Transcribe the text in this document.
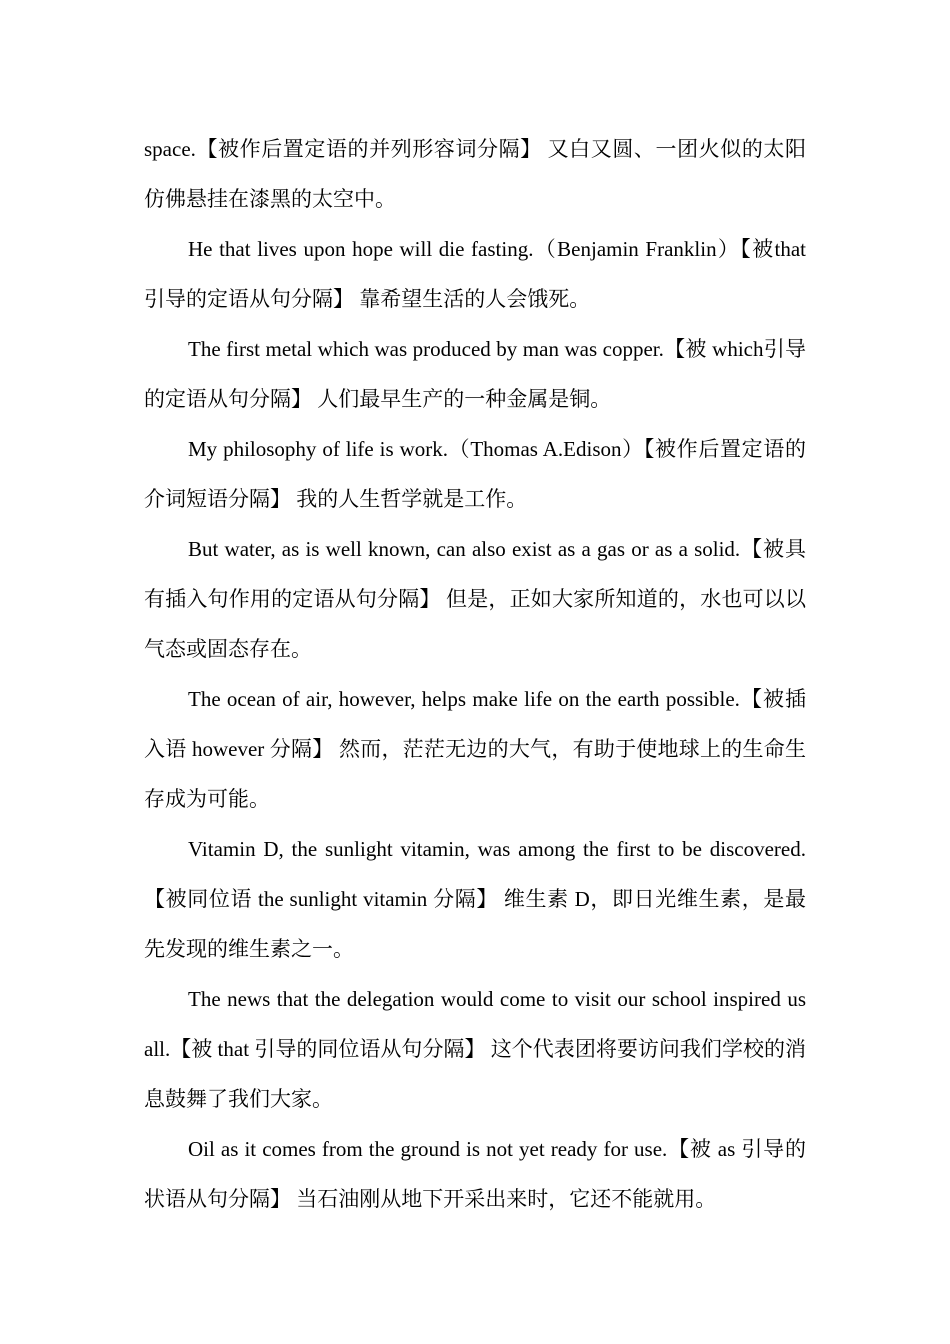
space.【被作后置定语的并列形容词分隔】 又白又圆、一团火似的太阳仿佛悬挂在漆黑的太空中。

He that lives upon hope will die fasting.（Benjamin Franklin）【被that 引导的定语从句分隔】 靠希望生活的人会饿死。

The first metal which was produced by man was copper.【被 which引导的定语从句分隔】 人们最早生产的一种金属是铜。

My philosophy of life is work.（Thomas A.Edison）【被作后置定语的介词短语分隔】 我的人生哲学就是工作。

But water, as is well known, can also exist as a gas or as a solid.【被具有插入句作用的定语从句分隔】 但是，正如大家所知道的，水也可以以气态或固态存在。

The ocean of air, however, helps make life on the earth possible.【被插入语 however 分隔】 然而，茫茫无边的大气，有助于使地球上的生命生存成为可能。

Vitamin D, the sunlight vitamin, was among the first to be discovered.【被同位语 the sunlight vitamin 分隔】 维生素 D，即日光维生素，是最先发现的维生素之一。

The news that the delegation would come to visit our school inspired us all.【被 that 引导的同位语从句分隔】 这个代表团将要访问我们学校的消息鼓舞了我们大家。

Oil as it comes from the ground is not yet ready for use.【被 as 引导的状语从句分隔】 当石油刚从地下开采出来时，它还不能就用。
